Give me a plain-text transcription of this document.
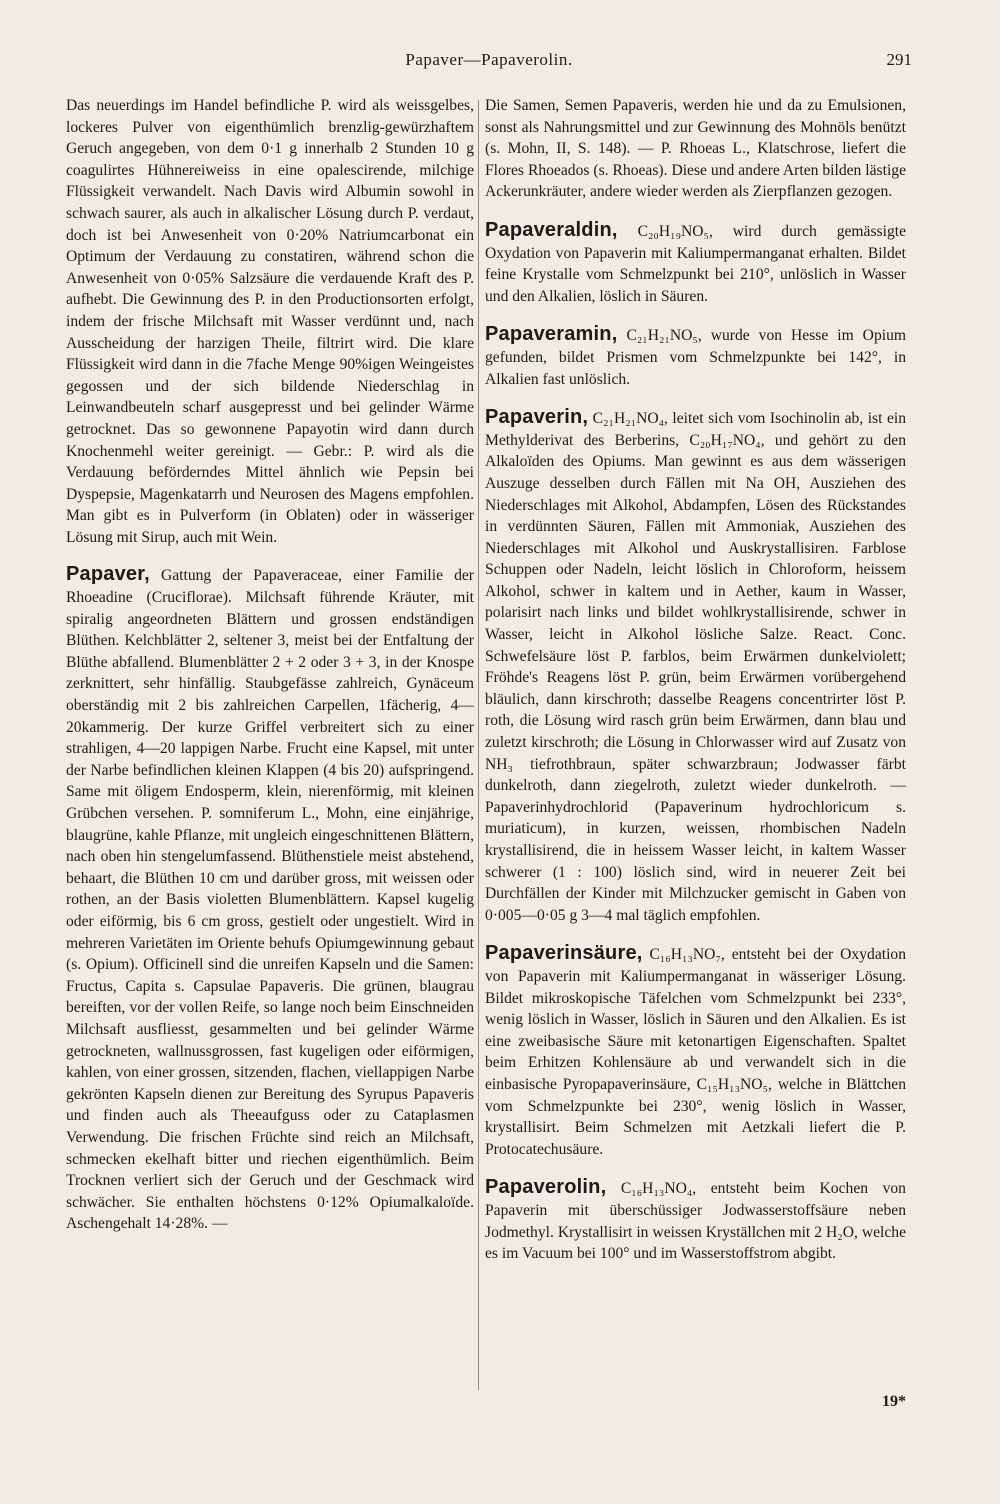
Papaver—Papaverolin.	291

Das neuerdings im Handel befindliche P. wird als weissgelbes, lockeres Pulver von eigenthümlich brenzlig-gewürzhaftem Geruch angegeben, von dem 0·1 g innerhalb 2 Stunden 10 g coagulirtes Hühnereiweiss in eine opalescirende, milchige Flüssigkeit verwandelt. Nach Davis wird Albumin sowohl in schwach saurer, als auch in alkalischer Lösung durch P. verdaut, doch ist bei Anwesenheit von 0·20% Natriumcarbonat ein Optimum der Verdauung zu constatiren, während schon die Anwesenheit von 0·05% Salzsäure die verdauende Kraft des P. aufhebt. Die Gewinnung des P. in den Productionsorten erfolgt, indem der frische Milchsaft mit Wasser verdünnt und, nach Ausscheidung der harzigen Theile, filtrirt wird. Die klare Flüssigkeit wird dann in die 7fache Menge 90%igen Weingeistes gegossen und der sich bildende Niederschlag in Leinwandbeuteln scharf ausgepresst und bei gelinder Wärme getrocknet. Das so gewonnene Papayotin wird dann durch Knochenmehl weiter gereinigt. — Gebr.: P. wird als die Verdauung beförderndes Mittel ähnlich wie Pepsin bei Dyspepsie, Magenkatarrh und Neurosen des Magens empfohlen. Man gibt es in Pulverform (in Oblaten) oder in wässeriger Lösung mit Sirup, auch mit Wein.

Papaver, Gattung der Papaveraceae, einer Familie der Rhoeadine (Cruciflorae). Milchsaft führende Kräuter, mit spiralig angeordneten Blättern und grossen endständigen Blüthen. Kelchblätter 2, seltener 3, meist bei der Entfaltung der Blüthe abfallend. Blumenblätter 2 + 2 oder 3 + 3, in der Knospe zerknittert, sehr hinfällig. Staubgefässe zahlreich, Gynäceum oberständig mit 2 bis zahlreichen Carpellen, 1fächerig, 4—20kammerig. Der kurze Griffel verbreitert sich zu einer strahligen, 4—20 lappigen Narbe. Frucht eine Kapsel, mit unter der Narbe befindlichen kleinen Klappen (4 bis 20) aufspringend. Same mit öligem Endosperm, klein, nierenförmig, mit kleinen Grübchen versehen. P. somniferum L., Mohn, eine einjährige, blaugrüne, kahle Pflanze, mit ungleich eingeschnittenen Blättern, nach oben hin stengelumfassend. Blüthenstiele meist abstehend, behaart, die Blüthen 10 cm und darüber gross, mit weissen oder rothen, an der Basis violetten Blumenblättern. Kapsel kugelig oder eiförmig, bis 6 cm gross, gestielt oder ungestielt. Wird in mehreren Varietäten im Oriente behufs Opiumgewinnung gebaut (s. Opium). Officinell sind die unreifen Kapseln und die Samen: Fructus, Capita s. Capsulae Papaveris. Die grünen, blaugrau bereiften, vor der vollen Reife, so lange noch beim Einschneiden Milchsaft ausfliesst, gesammelten und bei gelinder Wärme getrockneten, wallnussgrossen, fast kugeligen oder eiförmigen, kahlen, von einer grossen, sitzenden, flachen, viellappigen Narbe gekrönten Kapseln dienen zur Bereitung des Syrupus Papaveris und finden auch als Theeaufguss oder zu Cataplasmen Verwendung. Die frischen Früchte sind reich an Milchsaft, schmecken ekelhaft bitter und riechen eigenthümlich. Beim Trocknen verliert sich der Geruch und der Geschmack wird schwächer. Sie enthalten höchstens 0·12% Opiumalkaloïde. Aschengehalt 14·28%. —

Die Samen, Semen Papaveris, werden hie und da zu Emulsionen, sonst als Nahrungsmittel und zur Gewinnung des Mohnöls benützt (s. Mohn, II, S. 148). — P. Rhoeas L., Klatschrose, liefert die Flores Rhoeados (s. Rhoeas). Diese und andere Arten bilden lästige Ackerunkräuter, andere wieder werden als Zierpflanzen gezogen.

Papaveraldin, C₂₀H₁₉NO₅, wird durch gemässigte Oxydation von Papaverin mit Kaliumpermanganat erhalten. Bildet feine Krystalle vom Schmelzpunkt bei 210°, unlöslich in Wasser und den Alkalien, löslich in Säuren.

Papaveramin, C₂₁H₂₁NO₅, wurde von Hesse im Opium gefunden, bildet Prismen vom Schmelzpunkte bei 142°, in Alkalien fast unlöslich.

Papaverin, C₂₁H₂₁NO₄, leitet sich vom Isochinolin ab, ist ein Methylderivat des Berberins, C₂₀H₁₇NO₄, und gehört zu den Alkaloïden des Opiums. Man gewinnt es aus dem wässerigen Auszuge desselben durch Fällen mit Na OH, Ausziehen des Niederschlages mit Alkohol, Abdampfen, Lösen des Rückstandes in verdünnten Säuren, Fällen mit Ammoniak, Ausziehen des Niederschlages mit Alkohol und Auskrystallisiren. Farblose Schuppen oder Nadeln, leicht löslich in Chloroform, heissem Alkohol, schwer in kaltem und in Aether, kaum in Wasser, polarisirt nach links und bildet wohlkrystallisirende, schwer in Wasser, leicht in Alkohol lösliche Salze. React. Conc. Schwefelsäure löst P. farblos, beim Erwärmen dunkelviolett; Fröhde's Reagens löst P. grün, beim Erwärmen vorübergehend bläulich, dann kirschroth; dasselbe Reagens concentrirter löst P. roth, die Lösung wird rasch grün beim Erwärmen, dann blau und zuletzt kirschroth; die Lösung in Chlorwasser wird auf Zusatz von NH₃ tiefrothbraun, später schwarzbraun; Jodwasser färbt dunkelroth, dann ziegelroth, zuletzt wieder dunkelroth. — Papaverinhydrochlorid (Papaverinum hydrochloricum s. muriaticum), in kurzen, weissen, rhombischen Nadeln krystallisirend, die in heissem Wasser leicht, in kaltem Wasser schwerer (1 : 100) löslich sind, wird in neuerer Zeit bei Durchfällen der Kinder mit Milchzucker gemischt in Gaben von 0·005—0·05 g 3—4 mal täglich empfohlen.

Papaverinsäure, C₁₆H₁₃NO₇, entsteht bei der Oxydation von Papaverin mit Kaliumpermanganat in wässeriger Lösung. Bildet mikroskopische Täfelchen vom Schmelzpunkt bei 233°, wenig löslich in Wasser, löslich in Säuren und den Alkalien. Es ist eine zweibasische Säure mit ketonartigen Eigenschaften. Spaltet beim Erhitzen Kohlensäure ab und verwandelt sich in die einbasische Pyropapaverinsäure, C₁₅H₁₃NO₅, welche in Blättchen vom Schmelzpunkte bei 230°, wenig löslich in Wasser, krystallisirt. Beim Schmelzen mit Aetzkali liefert die P. Protocatechusäure.

Papaverolin, C₁₆H₁₃NO₄, entsteht beim Kochen von Papaverin mit überschüssiger Jodwasserstoffsäure neben Jodmethyl. Krystallisirt in weissen Kryställchen mit 2 H₂O, welche es im Vacuum bei 100° und im Wasserstoffstrom abgibt.

19*
